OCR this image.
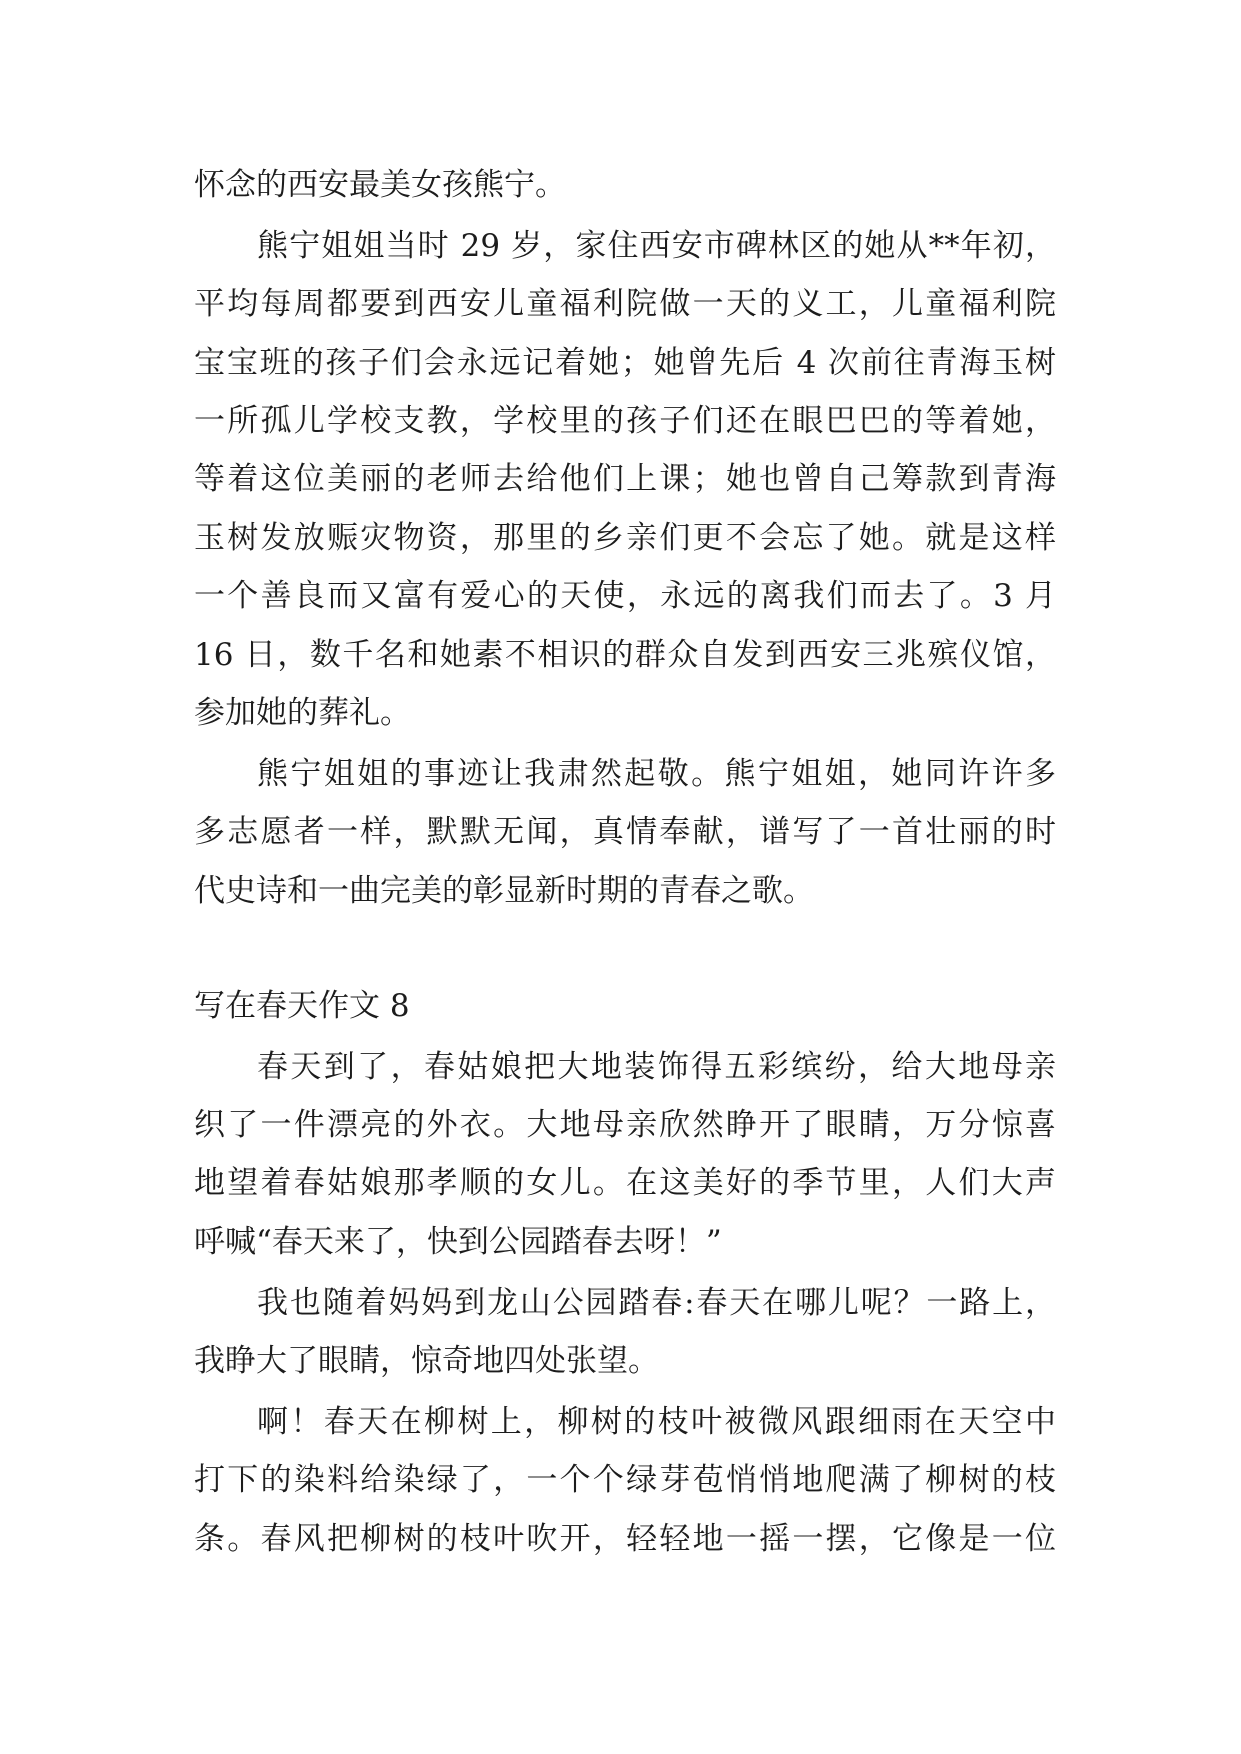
怀念的西安最美女孩熊宁。
熊宁姐姐当时 29 岁，家住西安市碑林区的她从**年初，
平均每周都要到西安儿童福利院做一天的义工，儿童福利院
宝宝班的孩子们会永远记着她；她曾先后 4 次前往青海玉树
一所孤儿学校支教，学校里的孩子们还在眼巴巴的等着她，
等着这位美丽的老师去给他们上课；她也曾自己筹款到青海
玉树发放赈灾物资，那里的乡亲们更不会忘了她。就是这样
一个善良而又富有爱心的天使，永远的离我们而去了。3 月
16 日，数千名和她素不相识的群众自发到西安三兆殡仪馆，
参加她的葬礼。
熊宁姐姐的事迹让我肃然起敬。熊宁姐姐，她同许许多
多志愿者一样，默默无闻，真情奉献，谱写了一首壮丽的时
代史诗和一曲完美的彰显新时期的青春之歌。
写在春天作文 8
春天到了，春姑娘把大地装饰得五彩缤纷，给大地母亲
织了一件漂亮的外衣。大地母亲欣然睁开了眼睛，万分惊喜
地望着春姑娘那孝顺的女儿。在这美好的季节里，人们大声
呼喊“春天来了，快到公园踏春去呀！”
我也随着妈妈到龙山公园踏春:春天在哪儿呢？一路上，
我睁大了眼睛，惊奇地四处张望。
啊！春天在柳树上，柳树的枝叶被微风跟细雨在天空中
打下的染料给染绿了，一个个绿芽苞悄悄地爬满了柳树的枝
条。春风把柳树的枝叶吹开，轻轻地一摇一摆，它像是一位
